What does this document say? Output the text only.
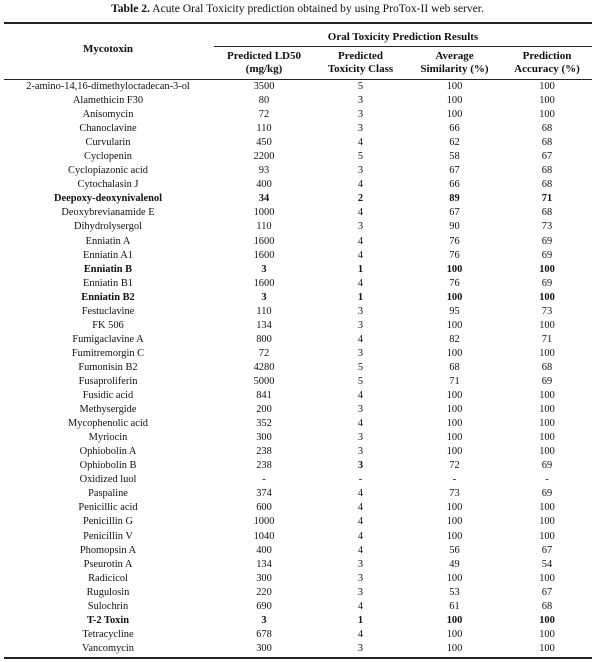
Table 2. Acute Oral Toxicity prediction obtained by using ProTox-II web server.
Oral Toxicity Prediction Results
Mycotoxin
Predicted LD50
(mg/kg)
Predicted
Toxicity Class
Average
Similarity (%)
Prediction
Accuracy (%)
2-amino-14,16-dimethyloctadecan-3-ol	3500	5	100	100
Alamethicin F30	80	3	100	100
Anisomycin	72	3	100	100
Chanoclavine	110	3	66	68
Curvularin	450	4	62	68
Cyclopenin	2200	5	58	67
Cyclopiazonic acid	93	3	67	68
Cytochalasin J	400	4	66	68
Deepoxy-deoxynivalenol	34	2	89	71
Deoxybrevianamide E	1000	4	67	68
Dihydrolysergol	110	3	90	73
Enniatin A	1600	4	76	69
Enniatin A1	1600	4	76	69
Enniatin B	3	1	100	100
Enniatin B1	1600	4	76	69
Enniatin B2	3	1	100	100
Festuclavine	110	3	95	73
FK 506	134	3	100	100
Fumigaclavine A	800	4	82	71
Fumitremorgin C	72	3	100	100
Fumonisin B2	4280	5	68	68
Fusaproliferin	5000	5	71	69
Fusidic acid	841	4	100	100
Methysergide	200	3	100	100
Mycophenolic acid	352	4	100	100
Myriocin	300	3	100	100
Ophiobolin A	238	3	100	100
Ophiobolin B	238	3	72	69
Oxidized luol	-	-	-	-
Paspaline	374	4	73	69
Penicillic acid	600	4	100	100
Penicillin G	1000	4	100	100
Penicillin V	1040	4	100	100
Phomopsin A	400	4	56	67
Pseurotin A	134	3	49	54
Radicicol	300	3	100	100
Rugulosin	220	3	53	67
Sulochrin	690	4	61	68
T-2 Toxin	3	1	100	100
Tetracycline	678	4	100	100
Vancomycin	300	3	100	100
